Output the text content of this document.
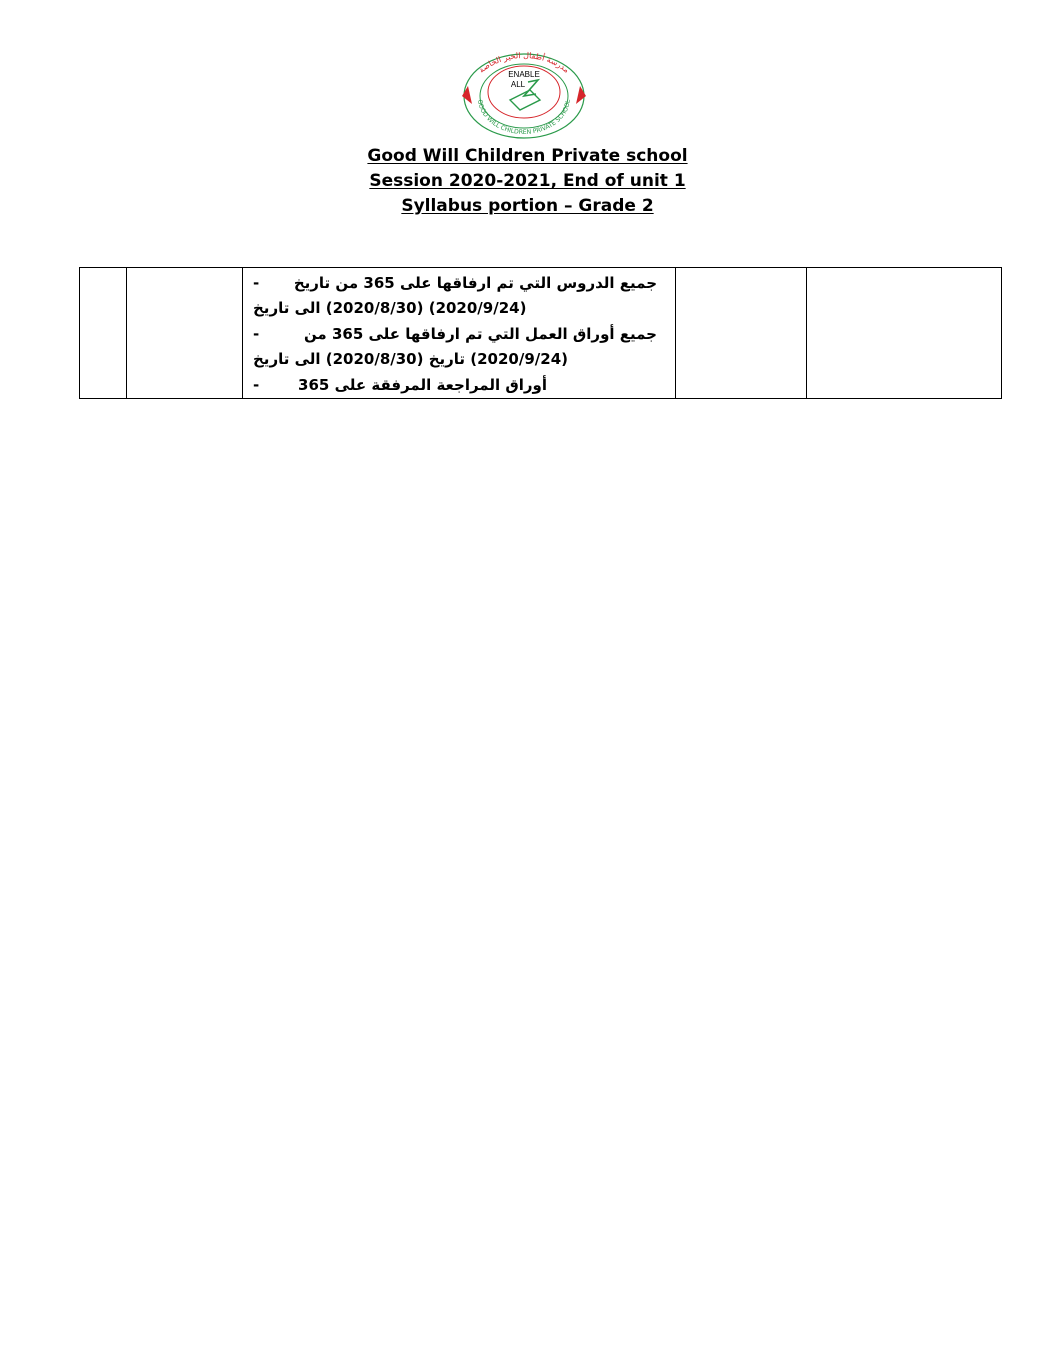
مدرسة أطفال الخير الخاصة
GOOD WILL CHILDREN PRIVATE SCHOOL
ENABLE
ALL
Good Will Children Private school
Session 2020-2021, End of unit 1
Syllabus portion – Grade 2

-	جميع الدروس التي تم ارفاقها على 365 من تاريخ
(2020/9/24) (2020/8/30) الى تاريخ
-	جميع أوراق العمل التي تم ارفاقها على 365 من
(2020/9/24) تاريخ (2020/8/30) الى تاريخ
-	أوراق المراجعة المرفقة على 365
